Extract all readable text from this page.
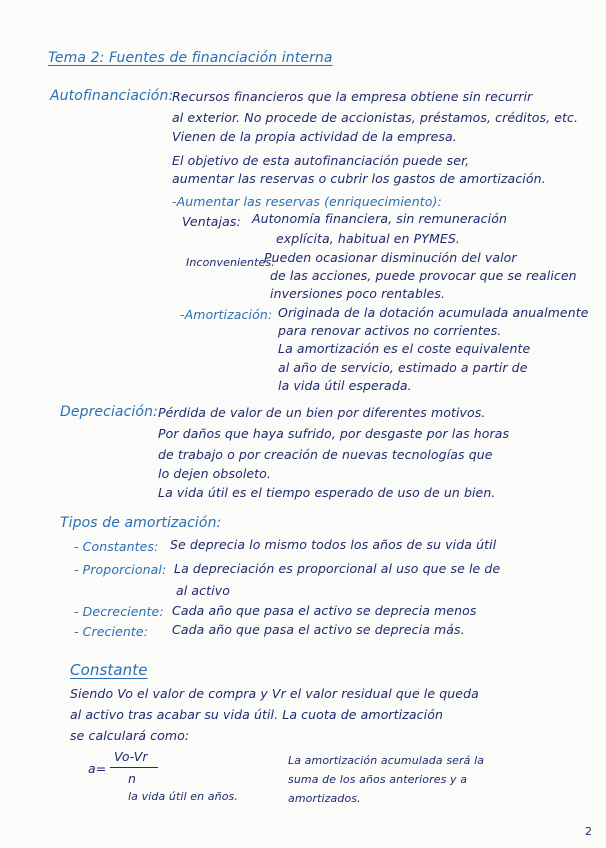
Tema 2: Fuentes de financiación interna
Autofinanciación:
Recursos financieros que la empresa obtiene sin recurrir
al exterior. No procede de accionistas, préstamos, créditos, etc.
Vienen de la propia actividad de la empresa.
El objetivo de esta autofinanciación puede ser,
aumentar las reservas o cubrir los gastos de amortización.
-Aumentar las reservas (enriquecimiento):
Ventajas: Autonomía financiera, sin remuneración
explícita, habitual en PYMES.
Inconvenientes:
Pueden ocasionar disminución del valor
de las acciones, puede provocar que se realicen
inversiones poco rentables.
-Amortización: Originada de la dotación acumulada anualmente
para renovar activos no corrientes.
La amortización es el coste equivalente
al año de servicio, estimado a partir de
la vida útil esperada.
Depreciación: Pérdida de valor de un bien por diferentes motivos.
Por daños que haya sufrido, por desgaste por las horas
de trabajo o por creación de nuevas tecnologías que
lo dejen obsoleto.
La vida útil es el tiempo esperado de uso de un bien.
Tipos de amortización:
- Constantes: Se deprecia lo mismo todos los años de su vida útil
- Proporcional: La depreciación es proporcional al uso que se le de
al activo
- Decreciente: Cada año que pasa el activo se deprecia menos
- Creciente: Cada año que pasa el activo se deprecia más.
Constante
Siendo Vo el valor de compra y Vr el valor residual que le queda
al activo tras acabar su vida útil. La cuota de amortización
se calculará como:
a=
Vo-Vr
n
la vida útil en años.
La amortización acumulada será la
suma de los años anteriores y a
amortizados.
2
